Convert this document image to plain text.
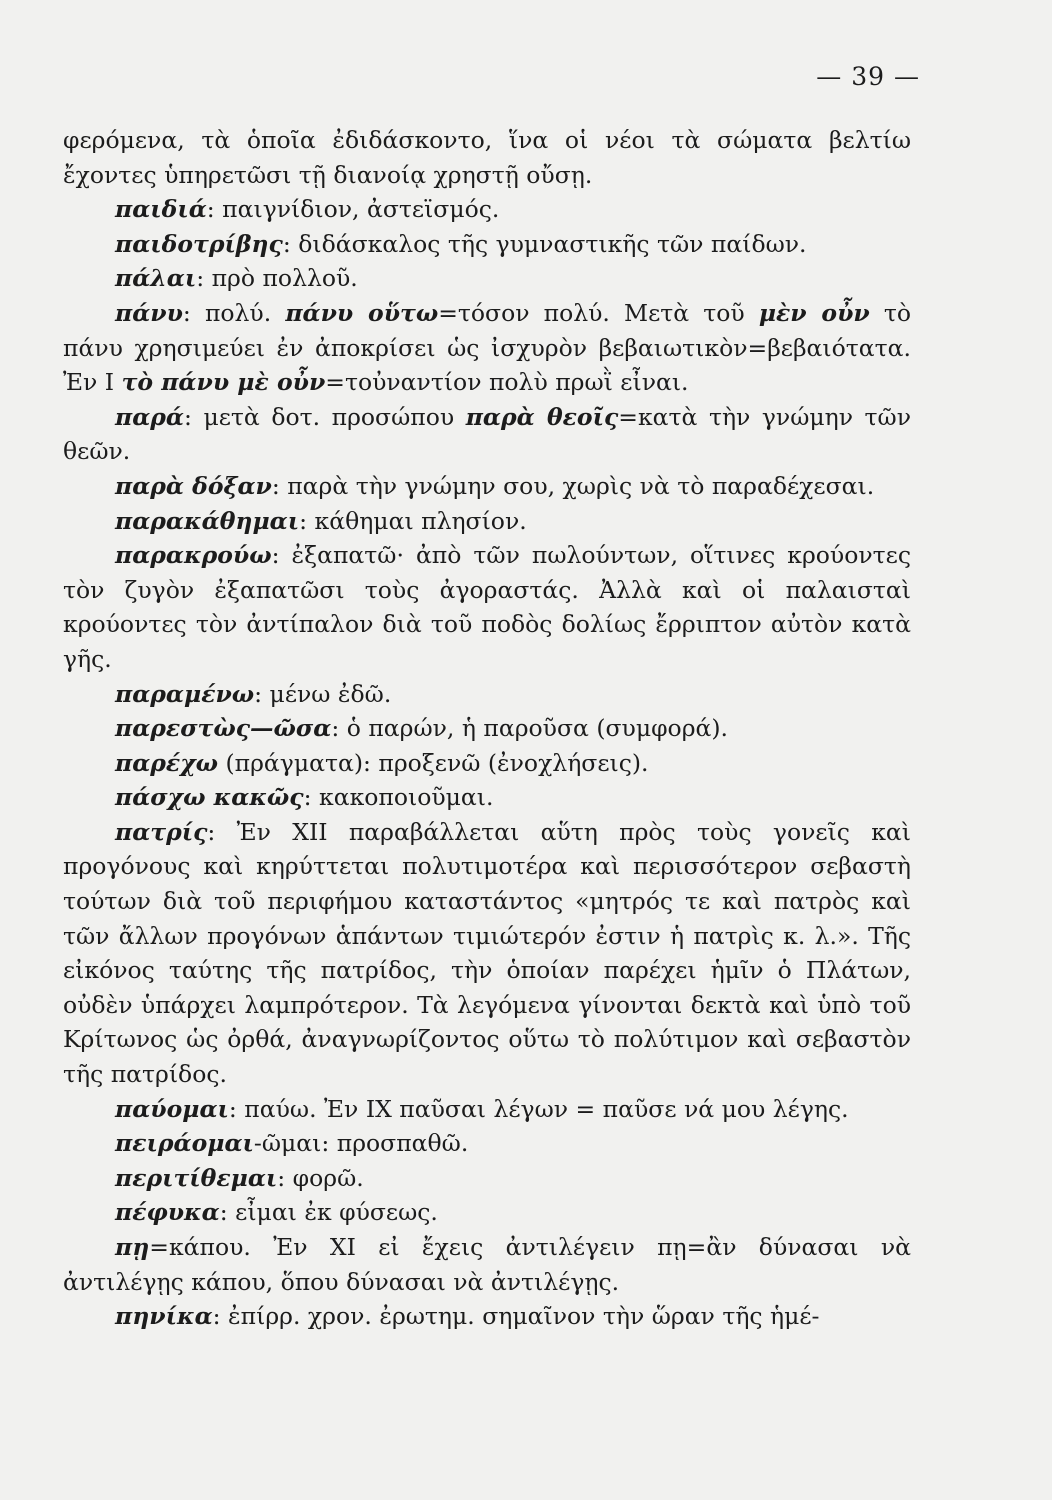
— 39 —

φερόμενα, τὰ ὁποῖα ἐδιδάσκοντο, ἵνα οἱ νέοι τὰ σώματα βελτίω ἔχοντες ὑπηρετῶσι τῇ διανοίᾳ χρηστῇ οὔσῃ.

παιδιά: παιγνίδιον, ἀστεϊσμός.

παιδοτρίβης: διδάσκαλος τῆς γυμναστικῆς τῶν παίδων.

πάλαι: πρὸ πολλοῦ.

πάνυ: πολύ. πάνυ οὕτω=τόσον πολύ. Μετὰ τοῦ μὲν οὖν τὸ πάνυ χρησιμεύει ἐν ἀποκρίσει ὡς ἰσχυρὸν βεβαιωτικὸν=βεβαιότατα. Ἐν I τὸ πάνυ μὲ οὖν=τοὐναντίον πολὺ πρωῒ εἶναι.

παρά: μετὰ δοτ. προσώπου παρὰ θεοῖς=κατὰ τὴν γνώμην τῶν θεῶν.

παρὰ δόξαν: παρὰ τὴν γνώμην σου, χωρὶς νὰ τὸ παραδέχεσαι.

παρακάθημαι: κάθημαι πλησίον.

παρακρούω: ἐξαπατῶ· ἀπὸ τῶν πωλούντων, οἵτινες κρούοντες τὸν ζυγὸν ἐξαπατῶσι τοὺς ἀγοραστάς. Ἀλλὰ καὶ οἱ παλαισταὶ κρούοντες τὸν ἀντίπαλον διὰ τοῦ ποδὸς δολίως ἔρριπτον αὐτὸν κατὰ γῆς.

παραμένω: μένω ἐδῶ.

παρεστὼς—ῶσα: ὁ παρών, ἡ παροῦσα (συμφορά).

παρέχω (πράγματα): προξενῶ (ἐνοχλήσεις).

πάσχω κακῶς: κακοποιοῦμαι.

πατρίς: Ἐν XII παραβάλλεται αὕτη πρὸς τοὺς γονεῖς καὶ προγόνους καὶ κηρύττεται πολυτιμοτέρα καὶ περισσότερον σεβαστὴ τούτων διὰ τοῦ περιφήμου καταστάντος «μητρός τε καὶ πατρὸς καὶ τῶν ἄλλων προγόνων ἁπάντων τιμιώτερόν ἐστιν ἡ πατρὶς κ. λ.». Τῆς εἰκόνος ταύτης τῆς πατρίδος, τὴν ὁποίαν παρέχει ἡμῖν ὁ Πλάτων, οὐδὲν ὑπάρχει λαμπρότερον. Τὰ λεγόμενα γίνονται δεκτὰ καὶ ὑπὸ τοῦ Κρίτωνος ὡς ὀρθά, ἀναγνωρίζοντος οὕτω τὸ πολύτιμον καὶ σεβαστὸν τῆς πατρίδος.

παύομαι: παύω. Ἐν IX παῦσαι λέγων = παῦσε νά μου λέγης.

πειράομαι-ῶμαι: προσπαθῶ.

περιτίθεμαι: φορῶ.

πέφυκα: εἶμαι ἐκ φύσεως.

πῃ=κάπου. Ἐν XI εἰ ἔχεις ἀντιλέγειν πῃ=ἂν δύνασαι νὰ ἀντιλέγῃς κάπου, ὅπου δύνασαι νὰ ἀντιλέγῃς.

πηνίκα: ἐπίρρ. χρον. ἐρωτημ. σημαῖνον τὴν ὥραν τῆς ἡμέ-
